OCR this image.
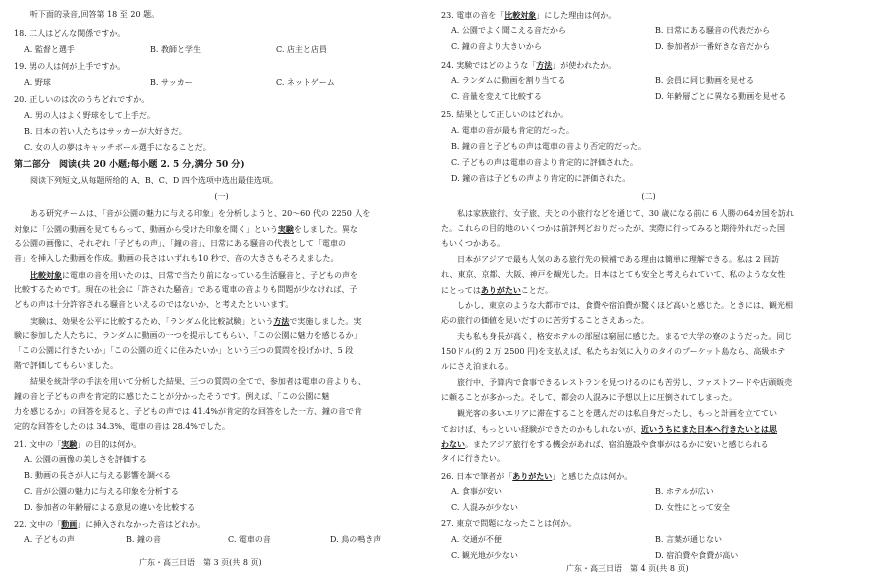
听下面的录音,回答第 18 至 20 题。
18. 二人はどんな関係ですか。
A. 監督と選手	B. 教師と学生	C. 店主と店員
19. 男の人は何が上手ですか。
A. 野球	B. サッカー	C. ネットゲーム
20. 正しいのは次のうちどれですか。
A. 男の人はよく野球をして上手だ。
B. 日本の若い人たちはサッカーが大好きだ。
C. 女の人の夢はキャッチボール選手になることだ。
第二部分　阅读(共 20 小题;每小题 2. 5 分,满分 50 分)
阅读下列短文,从每题所给的 A、B、C、D 四个选项中选出最佳选项。
(一)
ある研究チームは、「音が公園の魅力に与える印象」を分析しようと、20～60 代の 2250 人を
対象に「公園の動画を見てもらって、動画から受けた印象を聞く」という実験をしました。異な
る公園の画像に、それぞれ「子どもの声」、「鐘の音」、日常にある騒音の代表として「電車の
音」を挿入した動画を作成。動画の長さはいずれも10 秒で、音の大きさもそろえました。
比較対象に電車の音を用いたのは、日常で当たり前になっている生活騒音と、子どもの声を
比較するためです。現在の社会に「許された騒音」である電車の音よりも問題が少なければ、子
どもの声は十分許容される騒音といえるのではないか、と考えたといいます。
実験は、効果を公平に比較するため、「ランダム化比較試験」という方法で実施しました。実
験に参加した人たちに、ランダムに動画の一つを提示してもらい、「この公園に魅力を感じるか」
「この公園に行きたいか」「この公園の近くに住みたいか」という三つの質問を投げかけ、5 段
階で評価してもらいました。
結果を統計学の手法を用いて分析した結果、三つの質問の全てで、参加者は電車の音よりも、
鐘の音と子どもの声を肯定的に感じたことが分かったそうです。例えば、「この公園に魅
力を感じるか」の回答を見ると、子どもの声では 41.4%が肯定的な回答をした一方、鐘の音で肯
定的な回答をしたのは 34.3%、電車の音は 28.4%でした。
21. 文中の「実験」の目的は何か。
A. 公園の画像の美しさを評価する
B. 動画の長さが人に与える影響を調べる
C. 音が公園の魅力に与える印象を分析する
D. 参加者の年齢層による意見の違いを比較する
22. 文中の「動画」に挿入されなかった音はどれか。
A. 子どもの声	B. 鐘の音	C. 電車の音	D. 鳥の鳴き声
广东・高三日语　第 3 页(共 8 页)
23. 電車の音を「比較対象」にした理由は何か。
A. 公園でよく聞こえる音だから	B. 日常にある騒音の代表だから
C. 鐘の音より大きいから	D. 参加者が一番好きな音だから
24. 実験ではどのような「方法」が使われたか。
A. ランダムに動画を割り当てる	B. 会員に同じ動画を見せる
C. 音量を変えて比較する	D. 年齢層ごとに異なる動画を見せる
25. 結果として正しいのはどれか。
A. 電車の音が最も肯定的だった。
B. 鐘の音と子どもの声は電車の音より否定的だった。
C. 子どもの声は電車の音より肯定的に評価された。
D. 鐘の音は子どもの声より肯定的に評価された。
(二)
私は家族旅行、女子旅、夫との小旅行などを通じて、30 歳になる前に 6 人勝の64カ国を訪れ
た。これらの目的地のいくつかは前評判どおりだったが、実際に行ってみると期待外れだった国
もいくつかある。
日本がアジアで最も人気のある旅行先の候補である理由は簡単に理解できる。私は 2 回訪
れ、東京、京都、大阪、神戸を観光した。日本はとても安全と考えられていて、私のような女性
にとってはありがたいことだ。
しかし、東京のような大都市では、食費や宿泊費が驚くほど高いと感じた。ときには、観光相
応の旅行の価値を見いだすのに苦労することさえあった。
夫も私も身長が高く、格安ホテルの部屋は窮屈に感じた。まるで大学の寮のようだった。同じ
150ドル(約 2 万 2500 円)を支払えば、私たちお気に入りのタイのプーケット島なら、高級ホテ
ルにさえ泊まれる。
旅行中、予算内で食事できるレストランを見つけるのにも苦労し、ファストフードや店頭販売
に頼ることが多かった。そして、都会の人混みに予想以上に圧倒されてしまった。
観光客の多いエリアに滞在することを選んだのは私自身だったし、もっと計画を立ててい
ておけば、もっといい経験ができたのかもしれないが、近いうちにまた日本へ行きたいとは思
わない。またアジア旅行をする機会があれば、宿泊施設や食事がはるかに安いと感じられる
タイに行きたい。
26. 日本で筆者が「ありがたい」と感じた点は何か。
A. 食事が安い	B. ホテルが広い
C. 人混みが少ない	D. 女性にとって安全
27. 東京で問題になったことは何か。
A. 交通が不便	B. 言葉が通じない
C. 観光地が少ない	D. 宿泊費や食費が高い
广东・高三日语　第 4 页(共 8 页)
